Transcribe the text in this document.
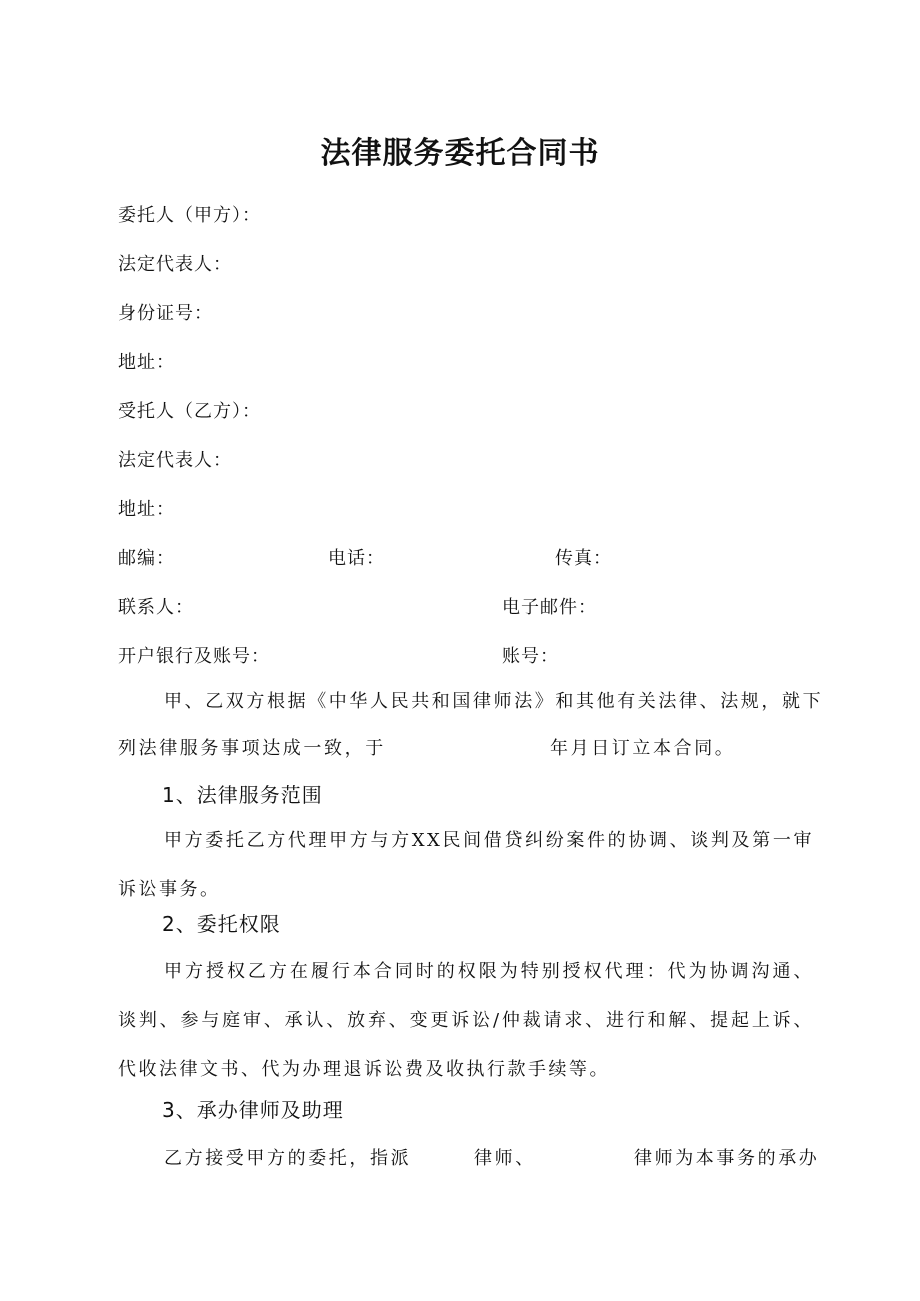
法律服务委托合同书
委托人（甲方）：
法定代表人：
身份证号：
地址：
受托人（乙方）：
法定代表人：
地址：
邮编：	电话：	传真：
联系人：	电子邮件：
开户银行及账号：	账号：
甲、乙双方根据《中华人民共和国律师法》和其他有关法律、法规，就下
列法律服务事项达成一致，于	年月日订立本合同。
1、法律服务范围

甲方委托乙方代理甲方与方XX民间借贷纠纷案件的协调、谈判及第一审诉讼事务。

2、委托权限

甲方授权乙方在履行本合同时的权限为特别授权代理：代为协调沟通、谈判、参与庭审、承认、放弃、变更诉讼/仲裁请求、进行和解、提起上诉、代收法律文书、代为办理退诉讼费及收执行款手续等。

3、承办律师及助理
乙方接受甲方的委托，指派	律师、	律师为本事务的承办
